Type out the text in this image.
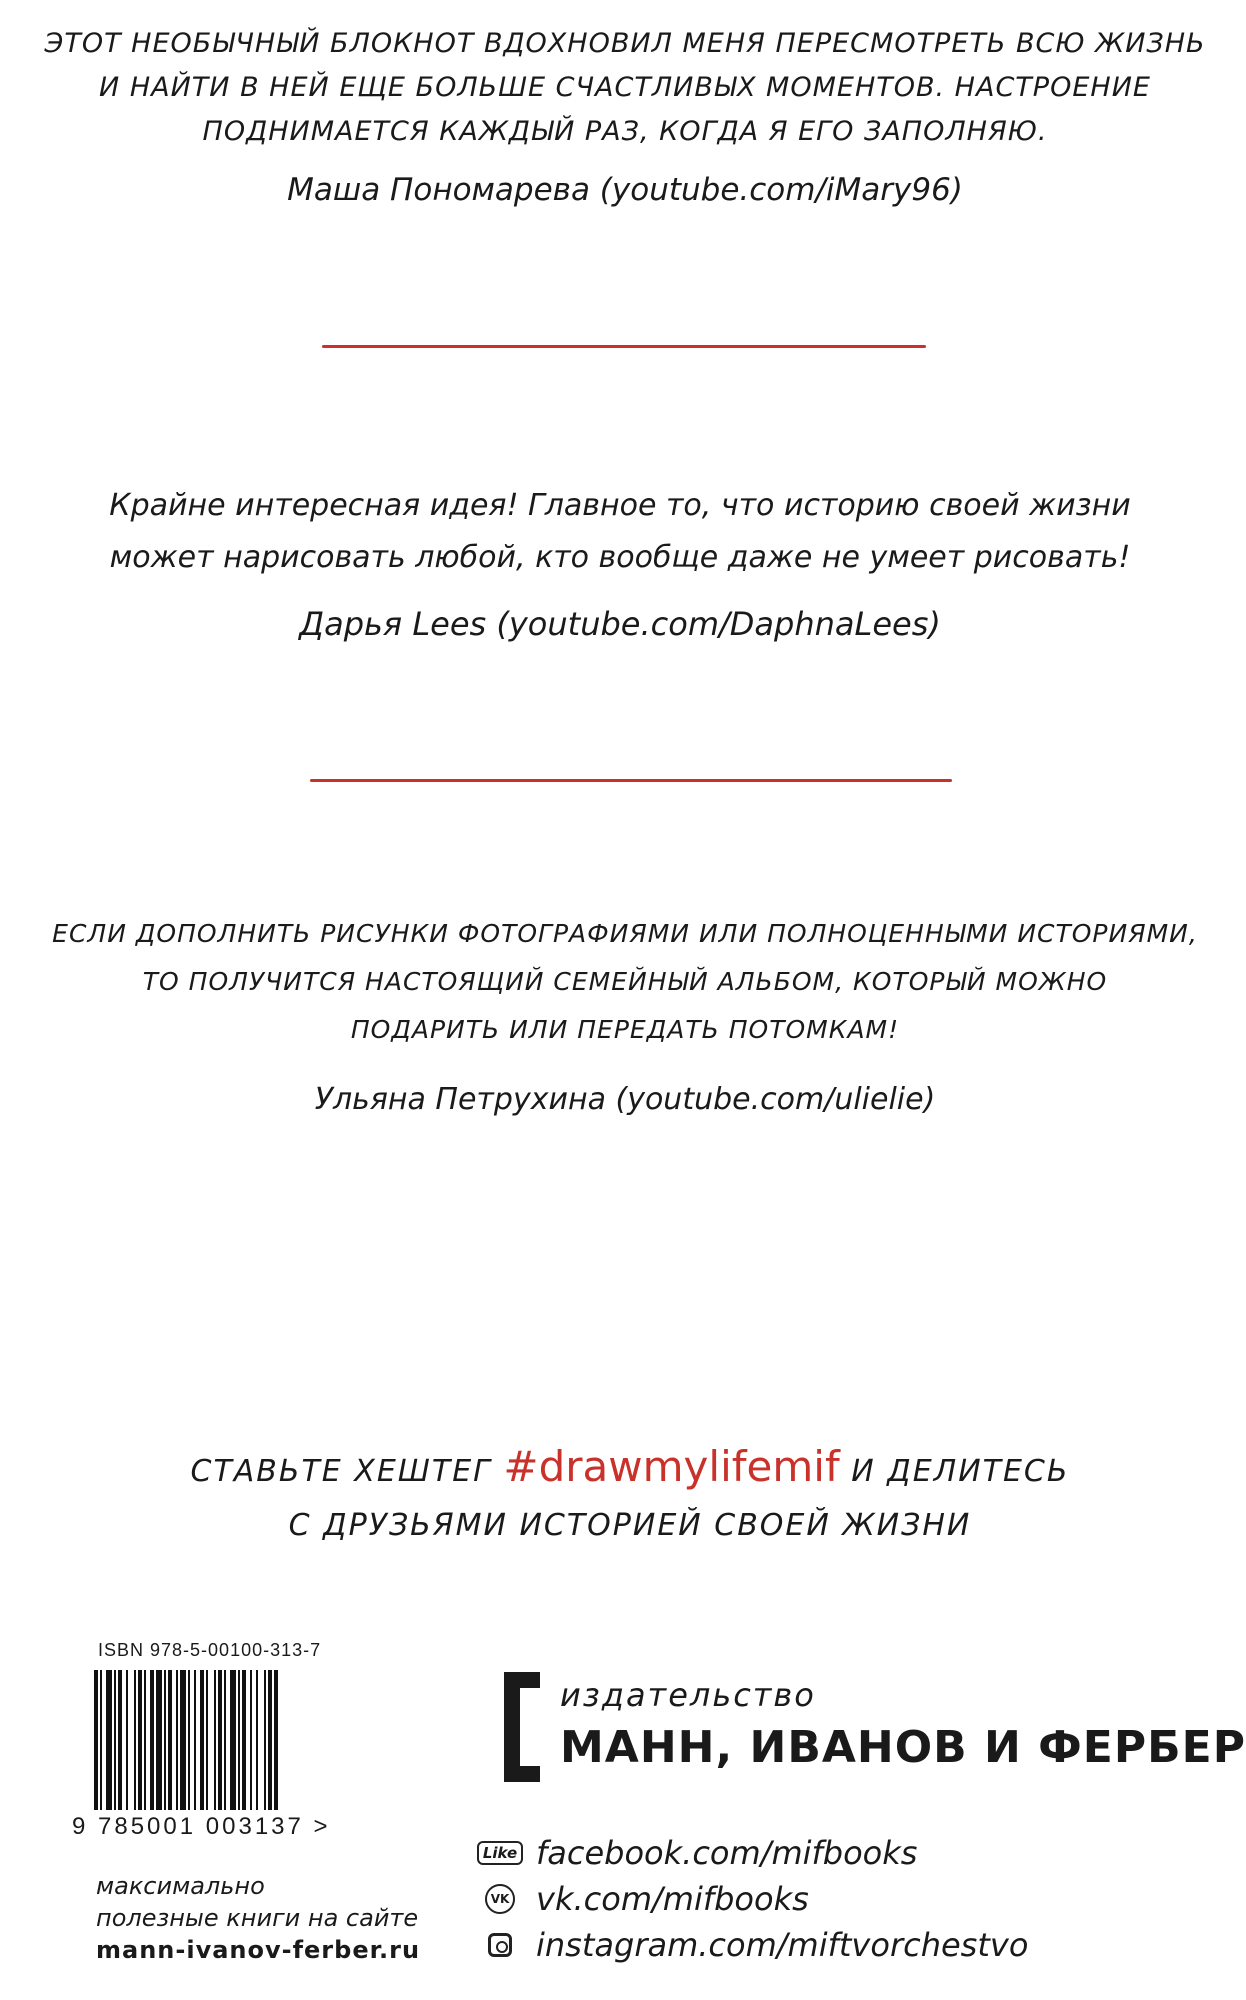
ЭТОТ НЕОБЫЧНЫЙ БЛОКНОТ ВДОХНОВИЛ МЕНЯ ПЕРЕСМОТРЕТЬ ВСЮ ЖИЗНЬ
И НАЙТИ В НЕЙ ЕЩЕ БОЛЬШЕ СЧАСТЛИВЫХ МОМЕНТОВ. НАСТРОЕНИЕ
ПОДНИМАЕТСЯ КАЖДЫЙ РАЗ, КОГДА Я ЕГО ЗАПОЛНЯЮ.
Маша Пономарева (youtube.com/iMary96)
Крайне интересная идея! Главное то, что историю своей жизни
может нарисовать любой, кто вообще даже не умеет рисовать!
Дарья Lees (youtube.com/DaphnaLees)
ЕСЛИ ДОПОЛНИТЬ РИСУНКИ ФОТОГРАФИЯМИ ИЛИ ПОЛНОЦЕННЫМИ ИСТОРИЯМИ,
ТО ПОЛУЧИТСЯ НАСТОЯЩИЙ СЕМЕЙНЫЙ АЛЬБОМ, КОТОРЫЙ МОЖНО
ПОДАРИТЬ ИЛИ ПЕРЕДАТЬ ПОТОМКАМ!
Ульяна Петрухина (youtube.com/ulielie)
СТАВЬТЕ ХЕШТЕГ #drawmylifemif И ДЕЛИТЕСЬ
С ДРУЗЬЯМИ ИСТОРИЕЙ СВОЕЙ ЖИЗНИ
ISBN 978-5-00100-313-7
9 785001 003137 >
максимально
полезные книги на сайте
mann-ivanov-ferber.ru
издательство
МАНН, ИВАНОВ И ФЕРБЕР
Like facebook.com/mifbooks
VK vk.com/mifbooks
instagram.com/miftvorchestvo
